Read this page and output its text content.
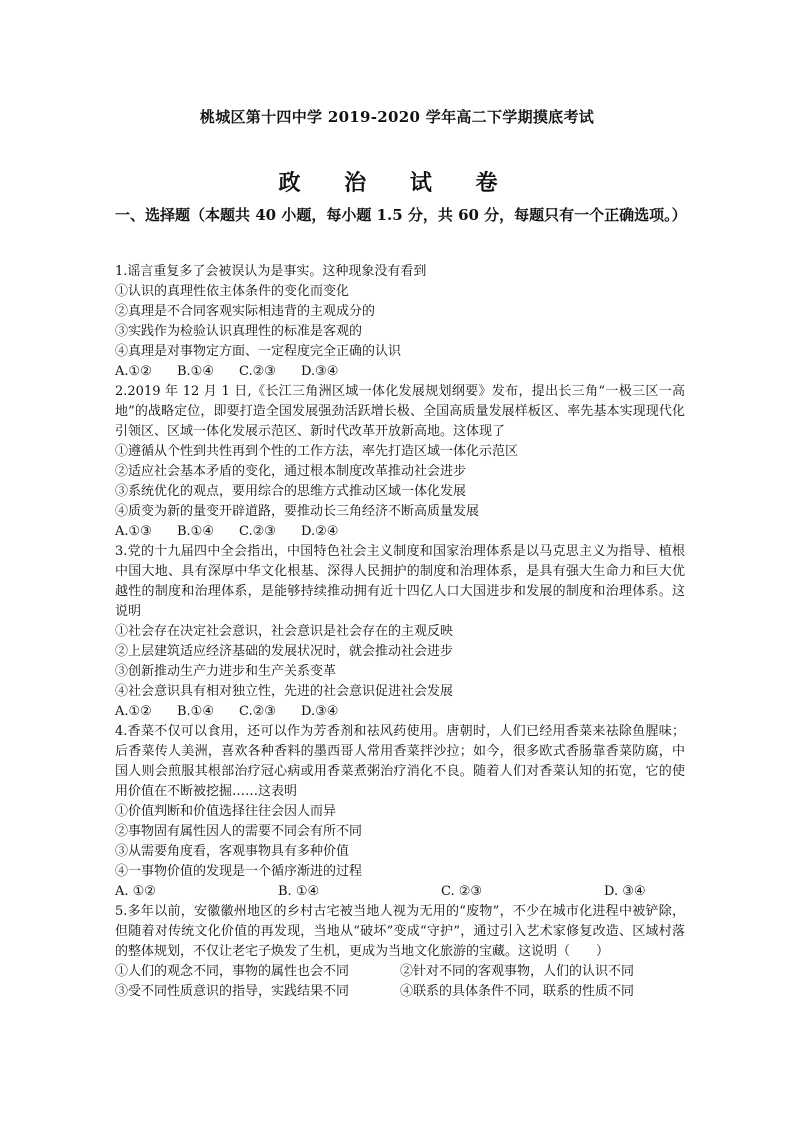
桃城区第十四中学 2019-2020 学年高二下学期摸底考试
政 治 试 卷
一、选择题（本题共 40 小题，每小题 1.5 分，共 60 分，每题只有一个正确选项。）
1.谣言重复多了会被误认为是事实。这种现象没有看到
①认识的真理性依主体条件的变化而变化
②真理是不合同客观实际相违背的主观成分的
③实践作为检验认识真理性的标准是客观的
④真理是对事物定方面、一定程度完全正确的认识
A.①②	B.①④	C.②③	D.③④
2.2019 年 12 月 1 日,《长江三角洲区域一体化发展规划纲要》发布，提出长三角“一极三区一高地”的战略定位，即要打造全国发展强劲活跃增长极、全国高质量发展样板区、率先基本实现现代化引领区、区域一体化发展示范区、新时代改革开放新高地。这体现了
①遵循从个性到共性再到个性的工作方法，率先打造区域一体化示范区
②适应社会基本矛盾的变化，通过根本制度改革推动社会进步
③系统优化的观点，要用综合的思维方式推动区域一体化发展
④质变为新的量变开辟道路，要推动长三角经济不断高质量发展
A.①③	B.①④	C.②③	D.②④
3.党的十九届四中全会指出，中国特色社会主义制度和国家治理体系是以马克思主义为指导、植根中国大地、具有深厚中华文化根基、深得人民拥护的制度和治理体系，是具有强大生命力和巨大优越性的制度和治理体系，是能够持续推动拥有近十四亿人口大国进步和发展的制度和治理体系。这说明
①社会存在决定社会意识，社会意识是社会存在的主观反映
②上层建筑适应经济基础的发展状况时，就会推动社会进步
③创新推动生产力进步和生产关系变革
④社会意识具有相对独立性，先进的社会意识促进社会发展
A.①②	B.①④	C.②③	D.③④
4.香菜不仅可以食用，还可以作为芳香剂和祛风药使用。唐朝时，人们已经用香菜来祛除鱼腥味；后香菜传人美洲，喜欢各种香料的墨西哥人常用香菜拌沙拉；如今，很多欧式香肠靠香菜防腐，中国人则会煎服其根部治疗冠心病或用香菜煮粥治疗消化不良。随着人们对香菜认知的拓宽，它的使用价值在不断被挖掘……这表明
①价值判断和价值选择往往会因人而异
②事物固有属性因人的需要不同会有所不同
③从需要角度看，客观事物具有多种价值
④一事物价值的发现是一个循序渐进的过程
A. ①②	B. ①④	C. ②③	D. ③④
5.多年以前，安徽徽州地区的乡村古宅被当地人视为无用的“废物”，不少在城市化进程中被铲除，但随着对传统文化价值的再发现，当地从“破坏”变成“守护”，通过引入艺术家修复改造、区域村落的整体规划，不仅让老宅子焕发了生机，更成为当地文化旅游的宝藏。这说明（　　）
①人们的观念不同，事物的属性也会不同	②针对不同的客观事物，人们的认识不同
③受不同性质意识的指导，实践结果不同	④联系的具体条件不同，联系的性质不同
